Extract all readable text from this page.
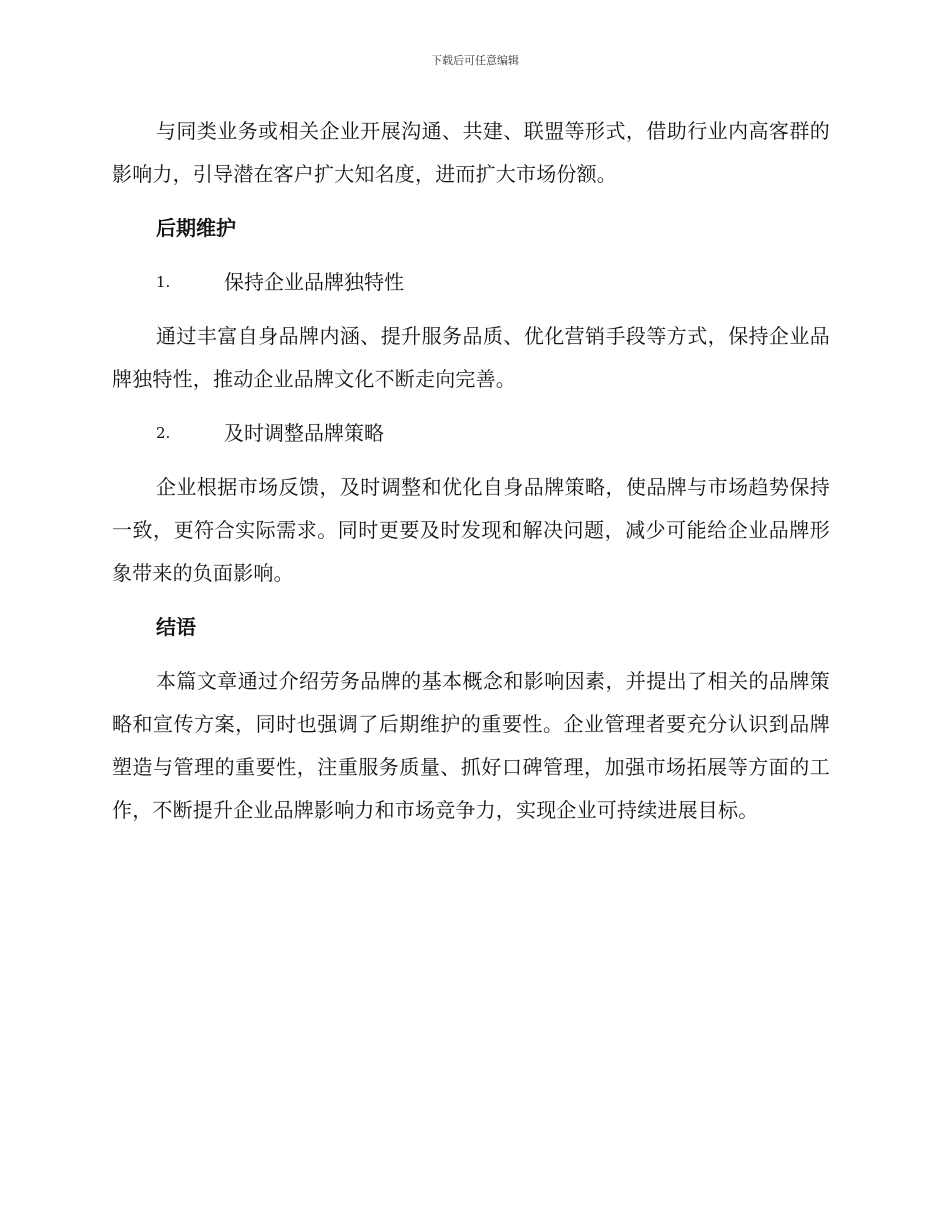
下载后可任意编辑

与同类业务或相关企业开展沟通、共建、联盟等形式，借助行业内高客群的影响力，引导潜在客户扩大知名度，进而扩大市场份额。

后期维护
1.	保持企业品牌独特性

通过丰富自身品牌内涵、提升服务品质、优化营销手段等方式，保持企业品牌独特性，推动企业品牌文化不断走向完善。

2.	及时调整品牌策略

企业根据市场反馈，及时调整和优化自身品牌策略，使品牌与市场趋势保持一致，更符合实际需求。同时更要及时发现和解决问题，减少可能给企业品牌形象带来的负面影响。

结语

本篇文章通过介绍劳务品牌的基本概念和影响因素，并提出了相关的品牌策略和宣传方案，同时也强调了后期维护的重要性。企业管理者要充分认识到品牌塑造与管理的重要性，注重服务质量、抓好口碑管理，加强市场拓展等方面的工作，不断提升企业品牌影响力和市场竞争力，实现企业可持续进展目标。
